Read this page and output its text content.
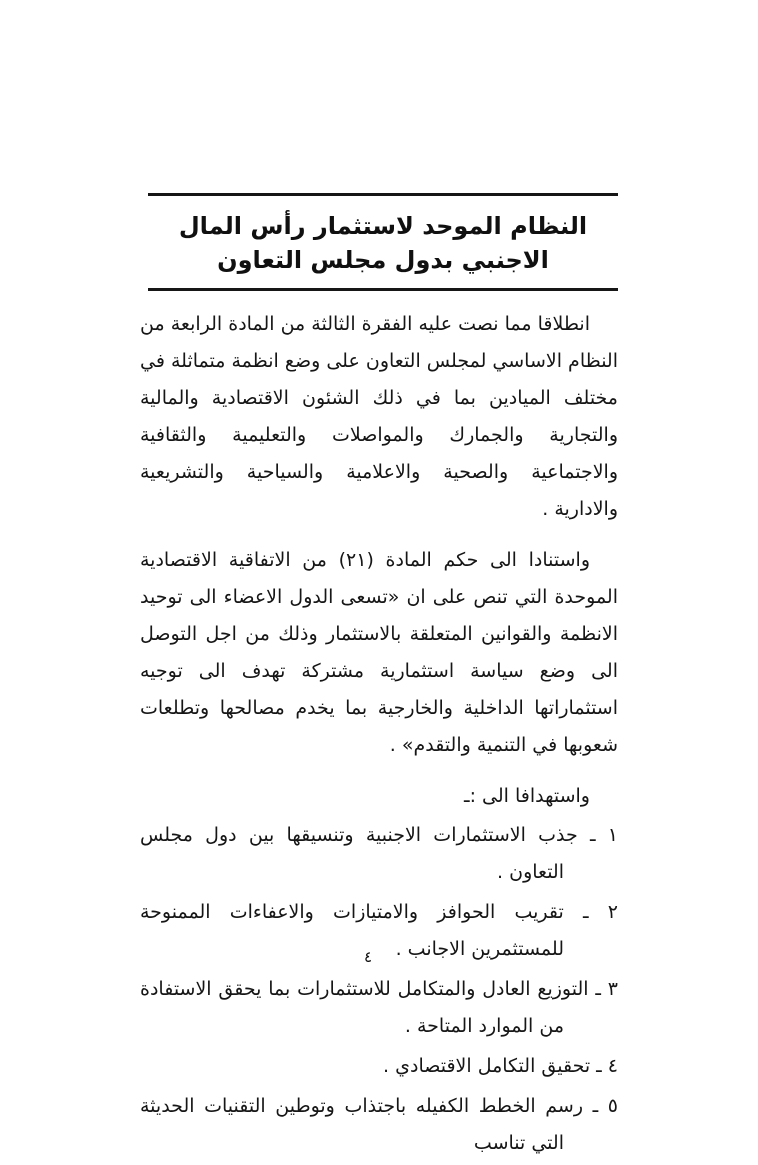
النظام الموحد لاستثمار رأس المال
الاجنبي بدول مجلس التعاون

انطلاقا مما نصت عليه الفقرة الثالثة من المادة الرابعة من النظام الاساسي لمجلس التعاون على وضع انظمة متماثلة في مختلف الميادين بما في ذلك الشئون الاقتصادية والمالية والتجارية والجمارك والمواصلات والتعليمية والثقافية والاجتماعية والصحية والاعلامية والسياحية والتشريعية والادارية .

واستنادا الى حكم المادة (٢١) من الاتفاقية الاقتصادية الموحدة التي تنص على ان «تسعى الدول الاعضاء الى توحيد الانظمة والقوانين المتعلقة بالاستثمار وذلك من اجل التوصل الى وضع سياسة استثمارية مشتركة تهدف الى توجيه استثماراتها الداخلية والخارجية بما يخدم مصالحها وتطلعات شعوبها في التنمية والتقدم» .

واستهدافا الى :ـ

١ ـ جذب الاستثمارات الاجنبية وتنسيقها بين دول مجلس التعاون .
٢ ـ تقريب الحوافز والامتيازات والاعفاءات الممنوحة للمستثمرين الاجانب .
٣ ـ التوزيع العادل والمتكامل للاستثمارات بما يحقق الاستفادة من الموارد المتاحة .
٤ ـ تحقيق التكامل الاقتصادي .
٥ ـ رسم الخطط الكفيله باجتذاب وتوطين التقنيات الحديثة التي تناسب
٤
